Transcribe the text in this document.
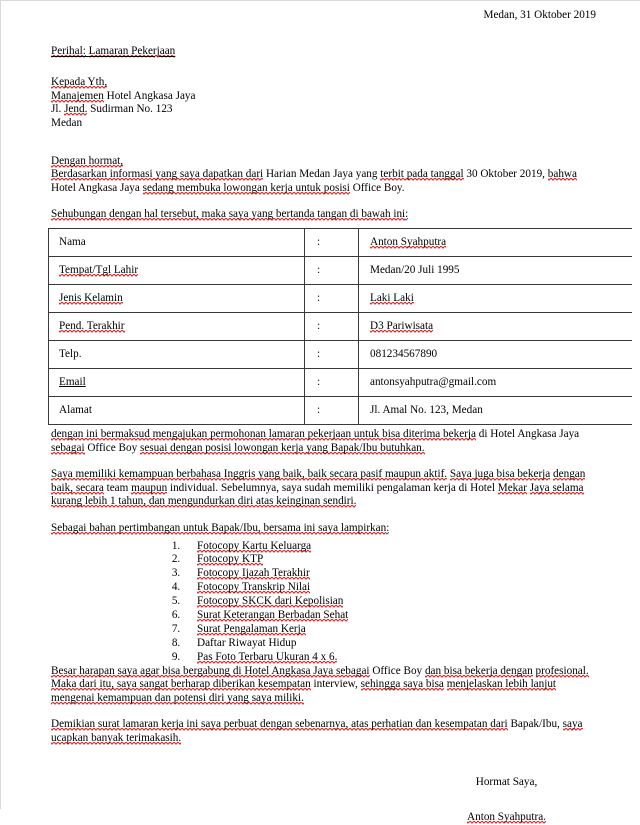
Medan, 31 Oktober 2019
Perihal: Lamaran Pekerjaan
Kepada Yth,
Manajemen Hotel Angkasa Jaya
Jl. Jend. Sudirman No. 123
Medan
Dengan hormat,
Berdasarkan informasi yang saya dapatkan dari Harian Medan Jaya yang terbit pada tanggal 30 Oktober 2019, bahwa Hotel Angkasa Jaya sedang membuka lowongan kerja untuk posisi Office Boy.
Sehubungan dengan hal tersebut, maka saya yang bertanda tangan di bawah ini:
Nama	:	Anton Syahputra
Tempat/Tgl Lahir	:	Medan/20 Juli 1995
Jenis Kelamin	:	Laki Laki
Pend. Terakhir	:	D3 Pariwisata
Telp.	:	081234567890
Email	:	antonsyahputra@gmail.com
Alamat	:	Jl. Amal No. 123, Medan
dengan ini bermaksud mengajukan permohonan lamaran pekerjaan untuk bisa diterima bekerja di Hotel Angkasa Jaya sebagai Office Boy sesuai dengan posisi lowongan kerja yang Bapak/Ibu butuhkan.
Saya memiliki kemampuan berbahasa Inggris yang baik, baik secara pasif maupun aktif. Saya juga bisa bekerja dengan baik, secara team maupun individual. Sebelumnya, saya sudah memiliki pengalaman kerja di Hotel Mekar Jaya selama kurang lebih 1 tahun, dan mengundurkan diri atas keinginan sendiri.
Sebagai bahan pertimbangan untuk Bapak/Ibu, bersama ini saya lampirkan:
1. Fotocopy Kartu Keluarga
2. Fotocopy KTP
3. Fotocopy Ijazah Terakhir
4. Fotocopy Transkrip Nilai
5. Fotocopy SKCK dari Kepolisian
6. Surat Keterangan Berbadan Sehat
7. Surat Pengalaman Kerja
8. Daftar Riwayat Hidup
9. Pas Foto Terbaru Ukuran 4 x 6.
Besar harapan saya agar bisa bergabung di Hotel Angkasa Jaya sebagai Office Boy dan bisa bekerja dengan profesional. Maka dari itu, saya sangat berharap diberikan kesempatan interview, sehingga saya bisa menjelaskan lebih lanjut mengenai kemampuan dan potensi diri yang saya miliki.
Demikian surat lamaran kerja ini saya perbuat dengan sebenarnya, atas perhatian dan kesempatan dari Bapak/Ibu, saya ucapkan banyak terimakasih.
Hormat Saya,
Anton Syahputra.
